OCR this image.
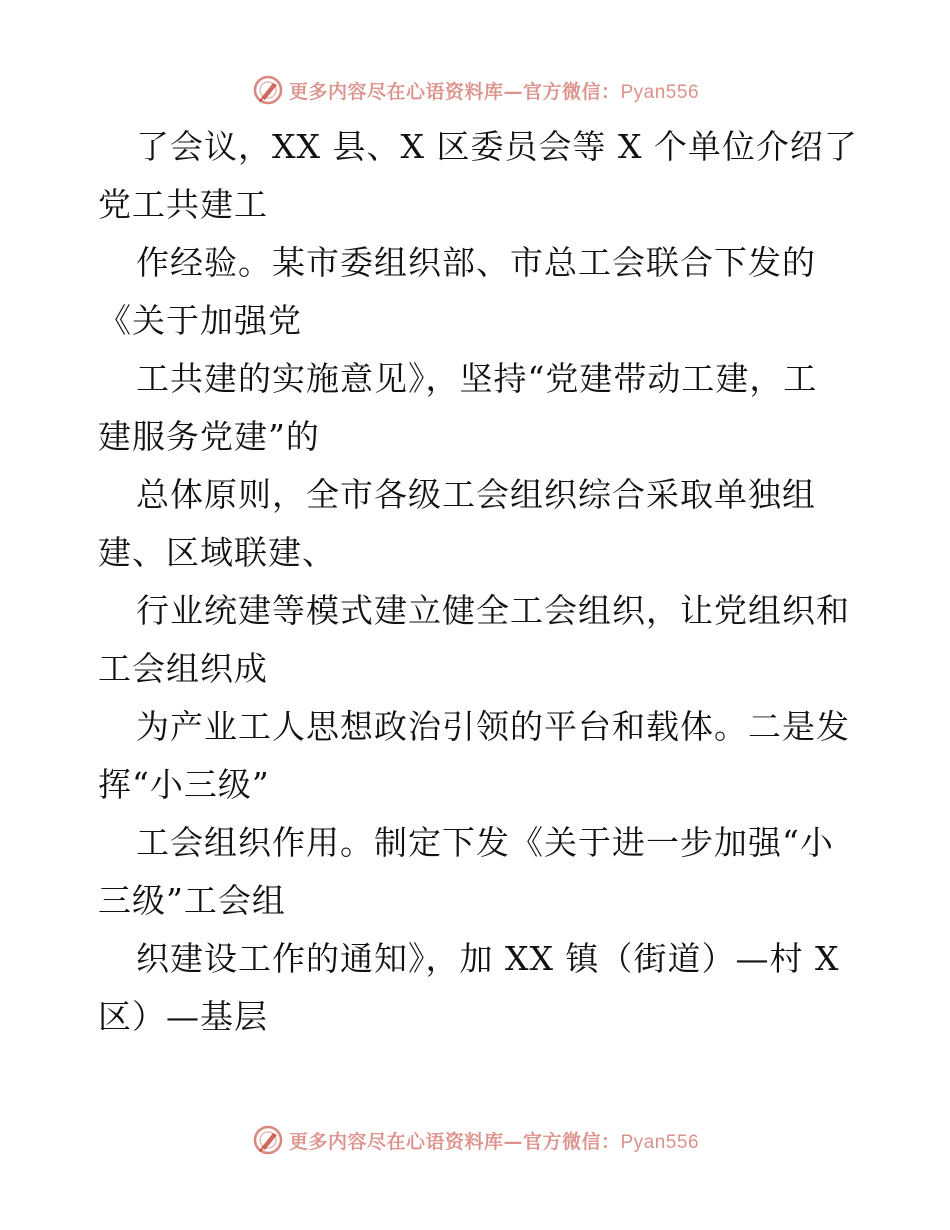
更多内容尽在心语资料库—官方微信：Pyan556
了会议，XX 县、X 区委员会等 X 个单位介绍了
党工共建工
作经验。某市委组织部、市总工会联合下发的
《关于加强党
工共建的实施意见》，坚持“党建带动工建，工
建服务党建”的
总体原则，全市各级工会组织综合采取单独组
建、区域联建、
行业统建等模式建立健全工会组织，让党组织和
工会组织成
为产业工人思想政治引领的平台和载体。二是发
挥“小三级”
工会组织作用。制定下发《关于进一步加强“小
三级”工会组
织建设工作的通知》，加 XX 镇（街道）—村 X
区）—基层
更多内容尽在心语资料库—官方微信：Pyan556
